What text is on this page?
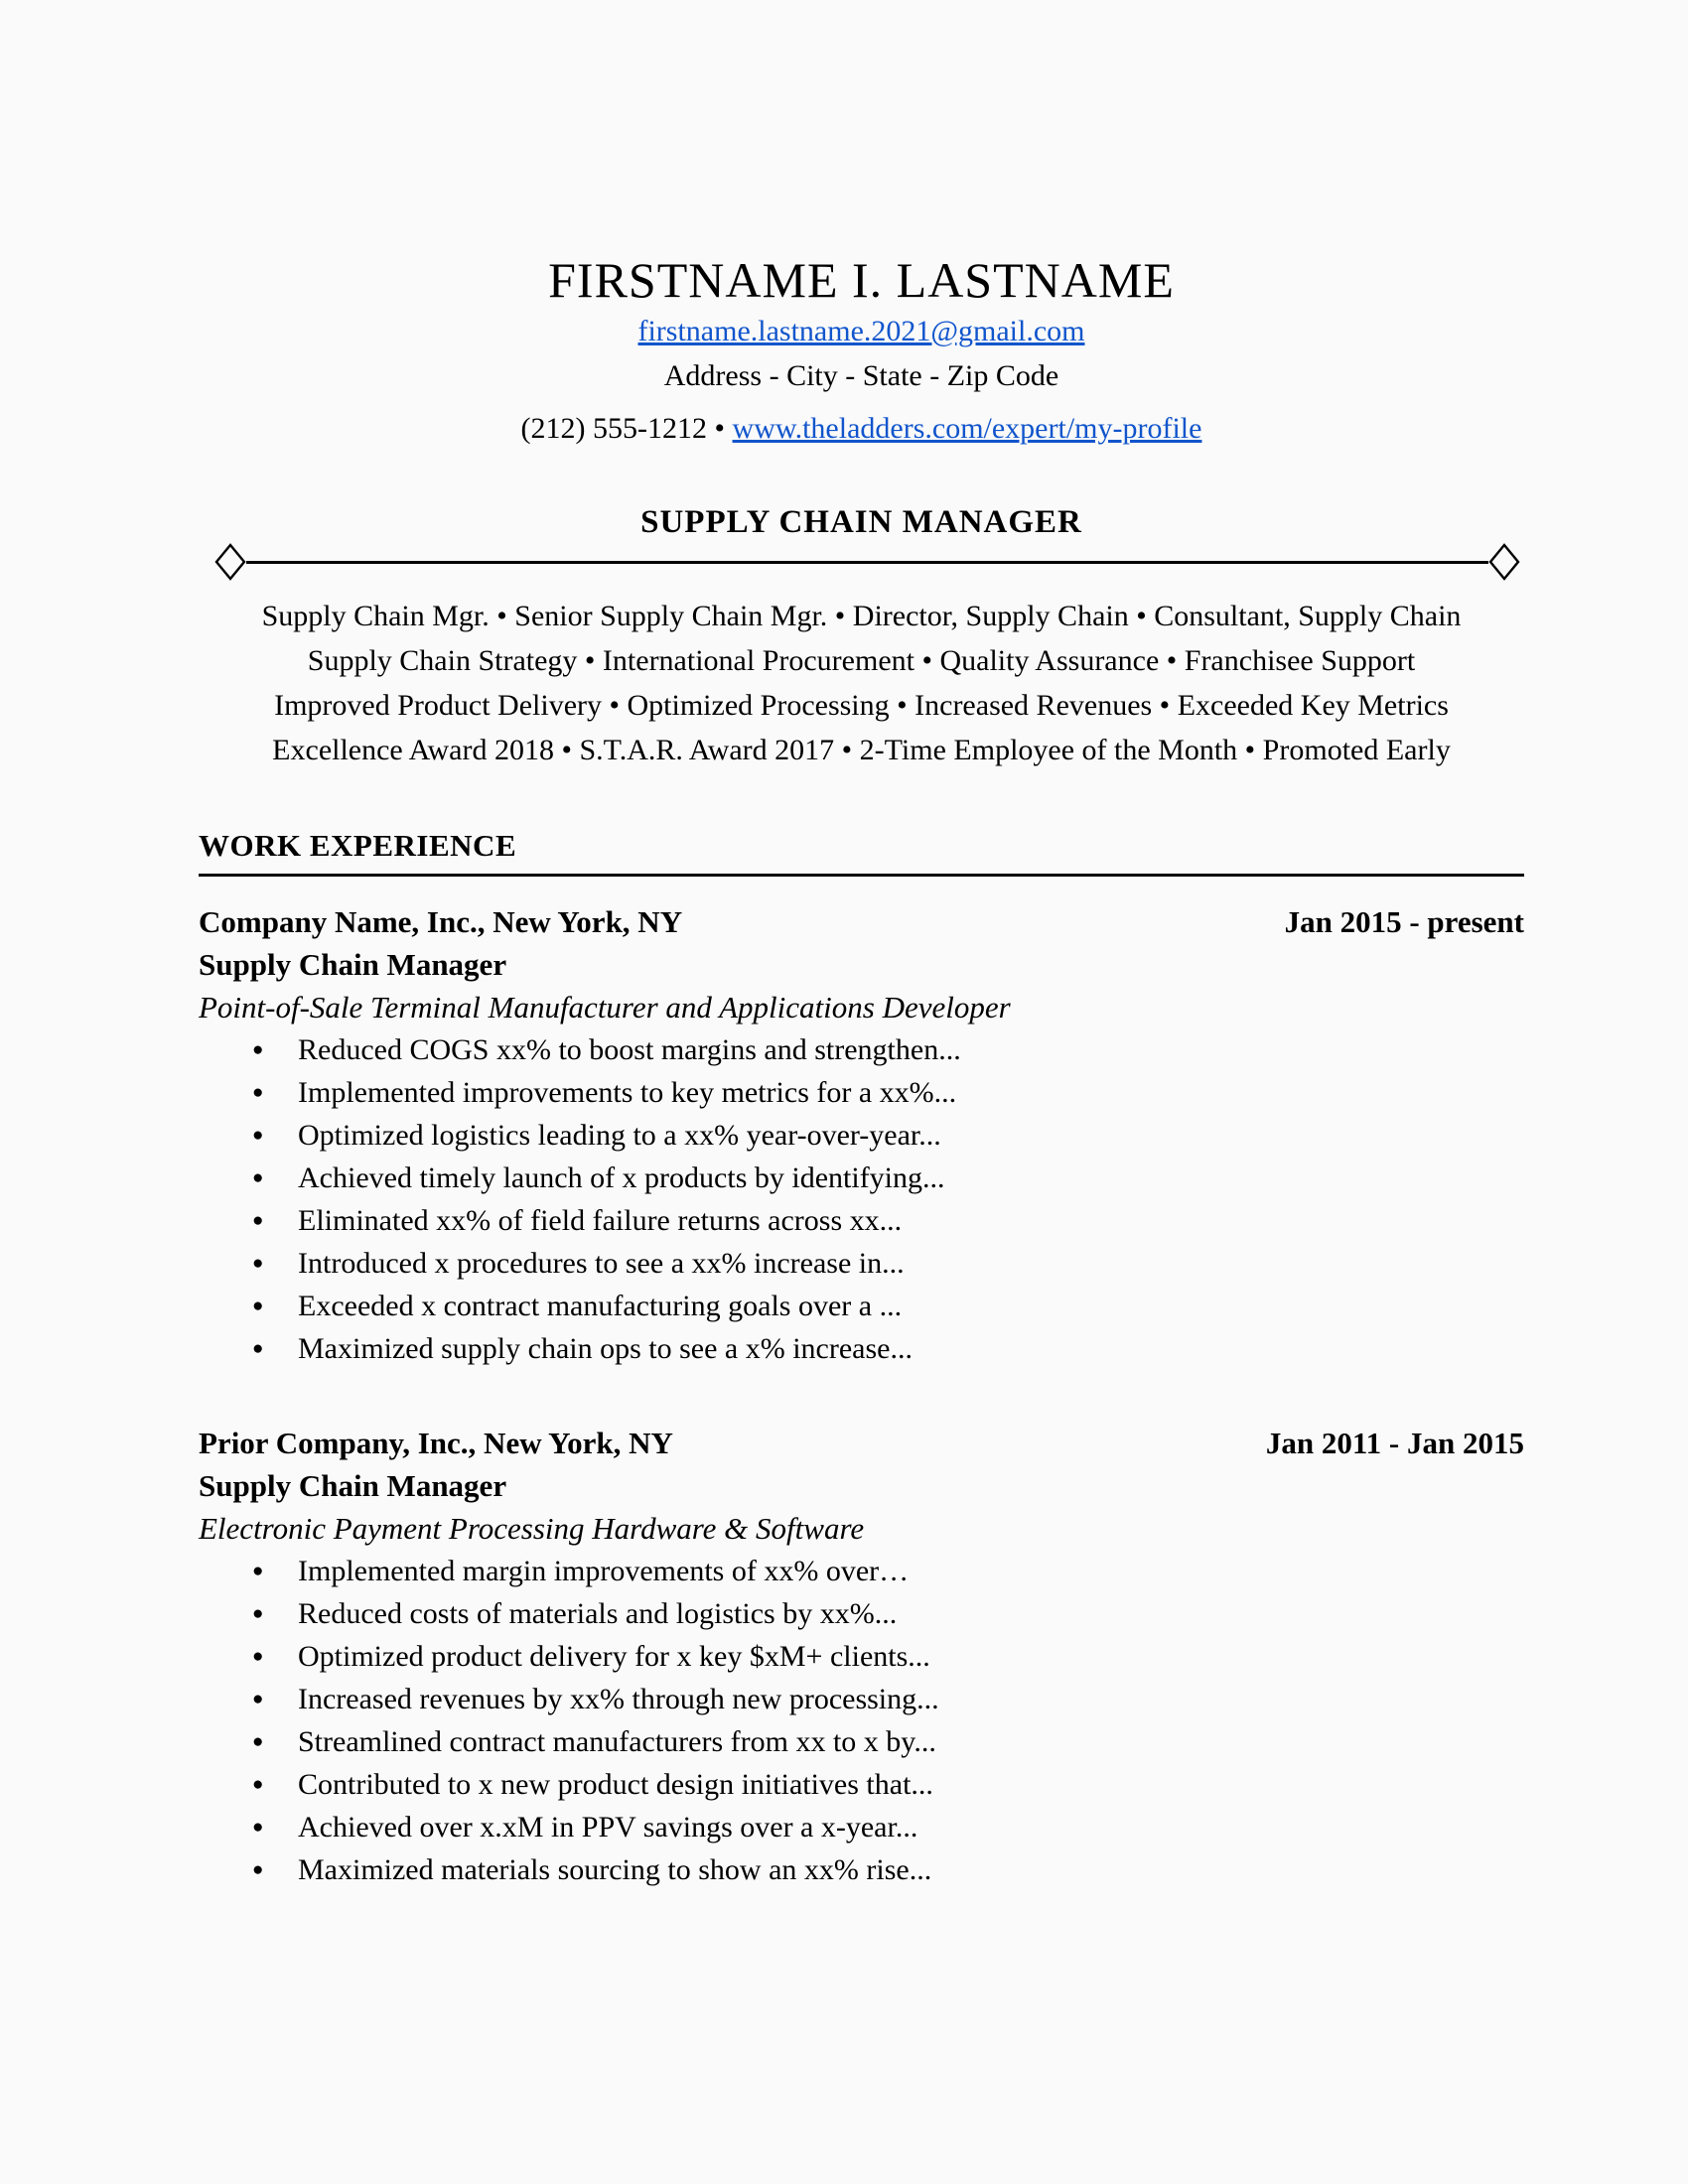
FIRSTNAME I. LASTNAME
firstname.lastname.2021@gmail.com
Address - City - State - Zip Code
(212) 555-1212 • www.theladders.com/expert/my-profile
SUPPLY CHAIN MANAGER
Supply Chain Mgr. • Senior Supply Chain Mgr. • Director, Supply Chain • Consultant, Supply Chain
Supply Chain Strategy • International Procurement • Quality Assurance • Franchisee Support
Improved Product Delivery • Optimized Processing • Increased Revenues • Exceeded Key Metrics
Excellence Award 2018 • S.T.A.R. Award 2017 • 2-Time Employee of the Month • Promoted Early
WORK EXPERIENCE
Company Name, Inc., New York, NY	Jan 2015 - present
Supply Chain Manager
Point-of-Sale Terminal Manufacturer and Applications Developer
● Reduced COGS xx% to boost margins and strengthen...
● Implemented improvements to key metrics for a xx%...
● Optimized logistics leading to a xx% year-over-year...
● Achieved timely launch of x products by identifying...
● Eliminated xx% of field failure returns across xx...
● Introduced x procedures to see a xx% increase in...
● Exceeded x contract manufacturing goals over a ...
● Maximized supply chain ops to see a x% increase...
Prior Company, Inc., New York, NY	Jan 2011 - Jan 2015
Supply Chain Manager
Electronic Payment Processing Hardware & Software
● Implemented margin improvements of xx% over…
● Reduced costs of materials and logistics by xx%...
● Optimized product delivery for x key $xM+ clients...
● Increased revenues by xx% through new processing...
● Streamlined contract manufacturers from xx to x by...
● Contributed to x new product design initiatives that...
● Achieved over x.xM in PPV savings over a x-year...
● Maximized materials sourcing to show an xx% rise...
